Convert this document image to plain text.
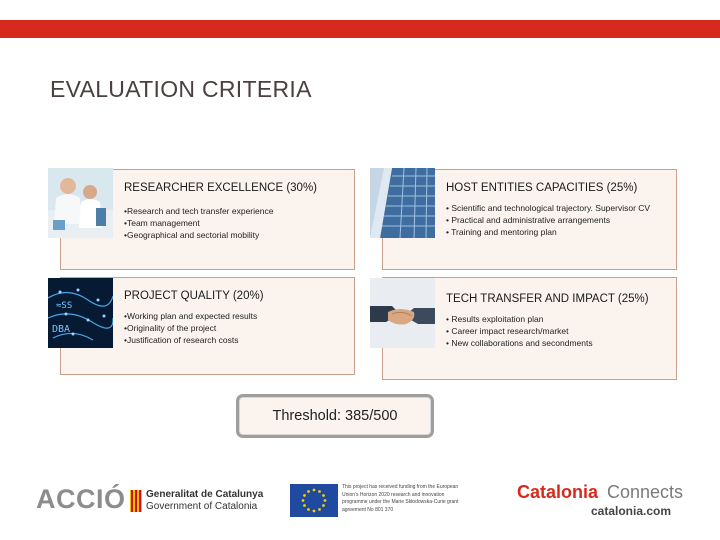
EVALUATION CRITERIA
RESEARCHER EXCELLENCE (30%)
•Research and tech transfer experience
•Team management
•Geographical and sectorial mobility
HOST ENTITIES CAPACITIES (25%)
• Scientific and technological trajectory. Supervisor CV
• Practical and administrative arrangements
• Training and mentoring plan
PROJECT QUALITY (20%)
•Working plan and expected results
•Originality of the project
•Justification of research costs
≈SS
DBA
TECH TRANSFER AND IMPACT (25%)
• Results exploitation plan
• Career impact research/market
• New collaborations and secondments
Threshold: 385/500
ACCIÓ Generalitat de Catalunya
Government of Catalonia
This project has received funding from the European
Union's Horizon 2020 research and innovation
programme under the Marie Skłodowska-Curie grant
agreement No 801 370
Catalonia Connects
catalonia.com
